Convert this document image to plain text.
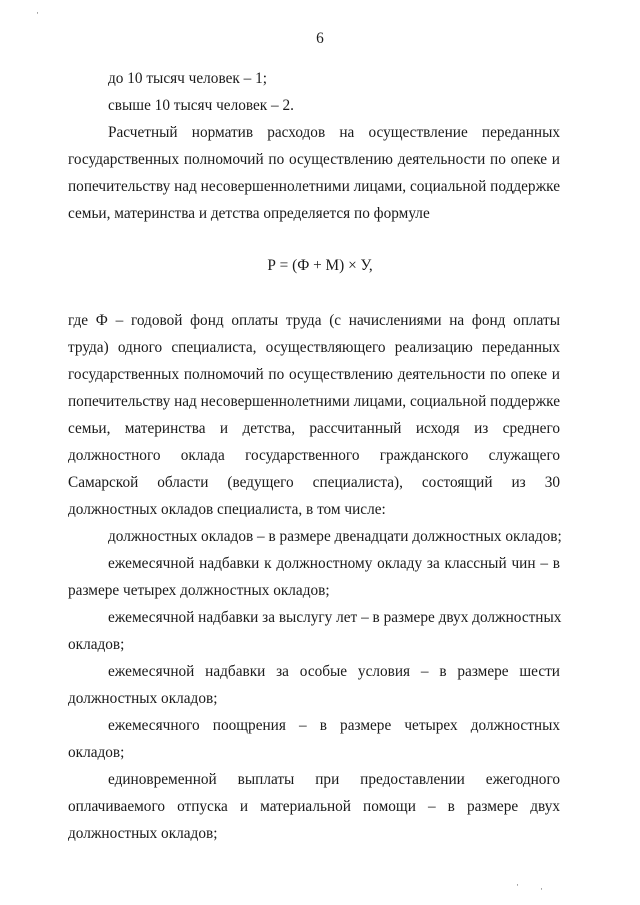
6
до 10 тысяч человек – 1;
свыше 10 тысяч человек – 2.
Расчетный норматив расходов на осуществление переданных
государственных полномочий по осуществлению деятельности по опеке и
попечительству над несовершеннолетними лицами, социальной поддержке
семьи, материнства и детства определяется по формуле
Р = (Ф + М) × У,
где Ф – годовой фонд оплаты труда (с начислениями на фонд оплаты
труда) одного специалиста, осуществляющего реализацию переданных
государственных полномочий по осуществлению деятельности по опеке и
попечительству над несовершеннолетними лицами, социальной поддержке
семьи, материнства и детства, рассчитанный исходя из среднего
должностного оклада государственного гражданского служащего
Самарской области (ведущего специалиста), состоящий из 30
должностных окладов специалиста, в том числе:
должностных окладов – в размере двенадцати должностных окладов;
ежемесячной надбавки к должностному окладу за классный чин – в
размере четырех должностных окладов;
ежемесячной надбавки за выслугу лет – в размере двух должностных
окладов;
ежемесячной надбавки за особые условия – в размере шести
должностных окладов;
ежемесячного поощрения – в размере четырех должностных
окладов;
единовременной выплаты при предоставлении ежегодного
оплачиваемого отпуска и материальной помощи – в размере двух
должностных окладов;
·
· ·
